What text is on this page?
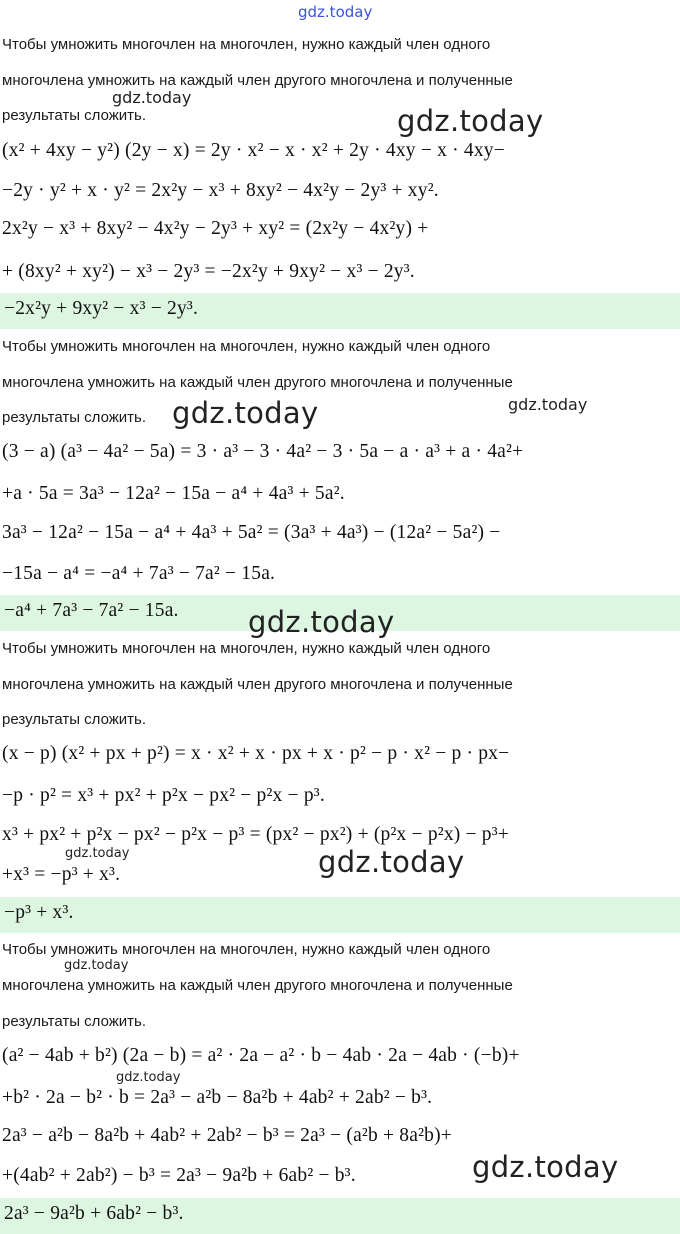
gdz.today
Чтобы умножить многочлен на многочлен, нужно каждый член одного
многочлена умножить на каждый член другого многочлена и полученные
результаты сложить.
(x² + 4xy − y²) (2y − x) = 2y · x² − x · x² + 2y · 4xy − x · 4xy−
−2y · y² + x · y² = 2x²y − x³ + 8xy² − 4x²y − 2y³ + xy².
2x²y − x³ + 8xy² − 4x²y − 2y³ + xy² = (2x²y − 4x²y) +
+ (8xy² + xy²) − x³ − 2y³ = −2x²y + 9xy² − x³ − 2y³.
−2x²y + 9xy² − x³ − 2y³.
Чтобы умножить многочлен на многочлен, нужно каждый член одного
многочлена умножить на каждый член другого многочлена и полученные
результаты сложить.
(3 − a) (a³ − 4a² − 5a) = 3 · a³ − 3 · 4a² − 3 · 5a − a · a³ + a · 4a²+
+a · 5a = 3a³ − 12a² − 15a − a⁴ + 4a³ + 5a².
3a³ − 12a² − 15a − a⁴ + 4a³ + 5a² = (3a³ + 4a³) − (12a² − 5a²) −
−15a − a⁴ = −a⁴ + 7a³ − 7a² − 15a.
−a⁴ + 7a³ − 7a² − 15a.
Чтобы умножить многочлен на многочлен, нужно каждый член одного
многочлена умножить на каждый член другого многочлена и полученные
результаты сложить.
(x − p) (x² + px + p²) = x · x² + x · px + x · p² − p · x² − p · px−
−p · p² = x³ + px² + p²x − px² − p²x − p³.
x³ + px² + p²x − px² − p²x − p³ = (px² − px²) + (p²x − p²x) − p³+
+x³ = −p³ + x³.
−p³ + x³.
Чтобы умножить многочлен на многочлен, нужно каждый член одного
многочлена умножить на каждый член другого многочлена и полученные
результаты сложить.
(a² − 4ab + b²) (2a − b) = a² · 2a − a² · b − 4ab · 2a − 4ab · (−b)+
+b² · 2a − b² · b = 2a³ − a²b − 8a²b + 4ab² + 2ab² − b³.
2a³ − a²b − 8a²b + 4ab² + 2ab² − b³ = 2a³ − (a²b + 8a²b)+
+(4ab² + 2ab²) − b³ = 2a³ − 9a²b + 6ab² − b³.
2a³ − 9a²b + 6ab² − b³.
gdz.today
gdz.today
gdz.today	gdz.today
gdz.today
gdz.today	gdz.today
gdz.today
gdz.today
gdz.today
